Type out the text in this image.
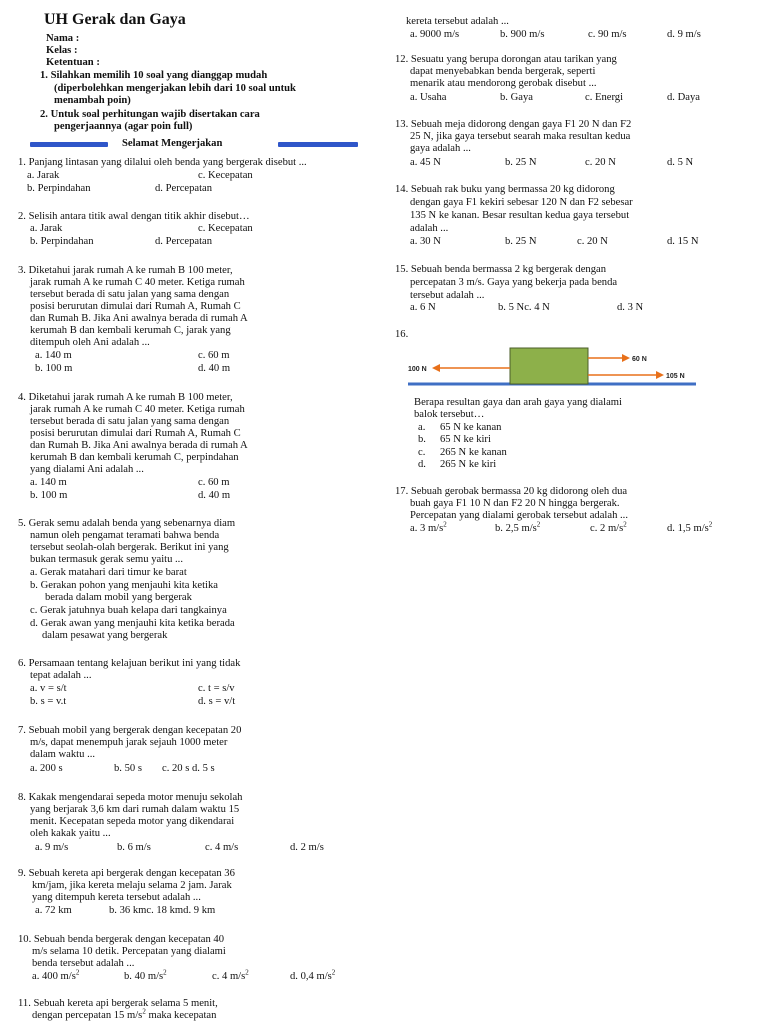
UH Gerak dan Gaya
Nama :
Kelas :
Ketentuan :
1. Silahkan memilih 10 soal yang dianggap mudah
(diperbolehkan mengerjakan lebih dari 10 soal untuk
menambah poin)
2. Untuk soal perhitungan wajib disertakan cara
pengerjaannya (agar poin full)
Selamat Mengerjakan
1. Panjang lintasan yang dilalui oleh benda yang bergerak disebut ...
a. Jarak
b. Perpindahan
c. Kecepatan
d. Percepatan
2. Selisih antara titik awal dengan titik akhir disebut…
a. Jarak
b. Perpindahan
c. Kecepatan
d. Percepatan
3. Diketahui jarak rumah A ke rumah B 100 meter,
jarak rumah A ke rumah C 40 meter. Ketiga rumah
tersebut berada di satu jalan yang sama dengan
posisi berurutan dimulai dari Rumah A, Rumah C
dan Rumah B. Jika Ani awalnya berada di rumah A
kerumah B dan kembali kerumah C, jarak yang
ditempuh oleh Ani adalah ...
a. 140 m
b. 100 m
c. 60 m
d. 40 m
4. Diketahui jarak rumah A ke rumah B 100 meter,
jarak rumah A ke rumah C 40 meter. Ketiga rumah
tersebut berada di satu jalan yang sama dengan
posisi berurutan dimulai dari Rumah A, Rumah C
dan Rumah B. Jika Ani awalnya berada di rumah A
kerumah B dan kembali kerumah C, perpindahan
yang dialami Ani adalah ...
a. 140 m
b. 100 m
c. 60 m
d. 40 m
5. Gerak semu adalah benda yang sebenarnya diam
namun oleh pengamat teramati bahwa benda
tersebut seolah-olah bergerak. Berikut ini yang
bukan termasuk gerak semu yaitu ...
a. Gerak matahari dari timur ke barat
b. Gerakan pohon yang menjauhi kita ketika
berada dalam mobil yang bergerak
c. Gerak jatuhnya buah kelapa dari tangkainya
d. Gerak awan yang menjauhi kita ketika berada
dalam pesawat yang bergerak
6. Persamaan tentang kelajuan berikut ini yang tidak
tepat adalah ...
a. v = s/t
b. s = v.t
c. t = s/v
d. s = v/t
7. Sebuah mobil yang bergerak dengan kecepatan 20
m/s, dapat menempuh jarak sejauh 1000 meter
dalam waktu ...
a. 200 s	b. 50 s c. 20 s d. 5 s
8. Kakak mengendarai sepeda motor menuju sekolah
yang berjarak 3,6 km dari rumah dalam waktu 15
menit. Kecepatan sepeda motor yang dikendarai
oleh kakak yaitu ...
a. 9 m/s	b. 6 m/s	c. 4 m/s	d. 2 m/s
9. Sebuah kereta api bergerak dengan kecepatan 36
km/jam, jika kereta melaju selama 2 jam. Jarak
yang ditempuh kereta tersebut adalah ...
a. 72 km	b. 36 kmc. 18 kmd. 9 km
10. Sebuah benda bergerak dengan kecepatan 40
m/s selama 10 detik. Percepatan yang dialami
benda tersebut adalah ...
a. 400 $m/s^2$	b. 40 $m/s^2$	c. 4 $m/s^2$	d. 0,4 $m/s^2$
11. Sebuah kereta api bergerak selama 5 menit,
dengan percepatan 15 $m/s^2$ maka kecepatan
kereta tersebut adalah ...
a. 9000 m/s	b. 900 m/s	c. 90 m/s	d. 9 m/s
12. Sesuatu yang berupa dorongan atau tarikan yang
dapat menyebabkan benda bergerak, seperti
menarik atau mendorong gerobak disebut ...
a. Usaha	b. Gaya	c. Energi	d. Daya
13. Sebuah meja didorong dengan gaya F1 20 N dan F2
25 N, jika gaya tersebut searah maka resultan kedua
gaya adalah ...
a. 45 N	b. 25 N	c. 20 N	d. 5 N
14. Sebuah rak buku yang bermassa 20 kg didorong
dengan gaya F1 kekiri sebesar 120 N dan F2 sebesar
135 N ke kanan. Besar resultan kedua gaya tersebut
adalah ...
a. 30 N	b. 25 N	c. 20 N	d. 15 N
15. Sebuah benda bermassa 2 kg bergerak dengan
percepatan 3 m/s. Gaya yang bekerja pada benda
tersebut adalah ...
a. 6 N	b. 5 Nc. 4 N	d. 3 N
16.
100 N
60 N
105 N
Berapa resultan gaya dan arah gaya yang dialami
balok tersebut…
a. 65 N ke kanan
b. 65 N ke kiri
c. 265 N ke kanan
d. 265 N ke kiri
17. Sebuah gerobak bermassa 20 kg didorong oleh dua
buah gaya F1 10 N dan F2 20 N hingga bergerak.
Percepatan yang dialami gerobak tersebut adalah ...
a. 3 $m/s^2$	b. 2,5 $m/s^2$	c. 2 $m/s^2$	d. 1,5 $m/s^2$
